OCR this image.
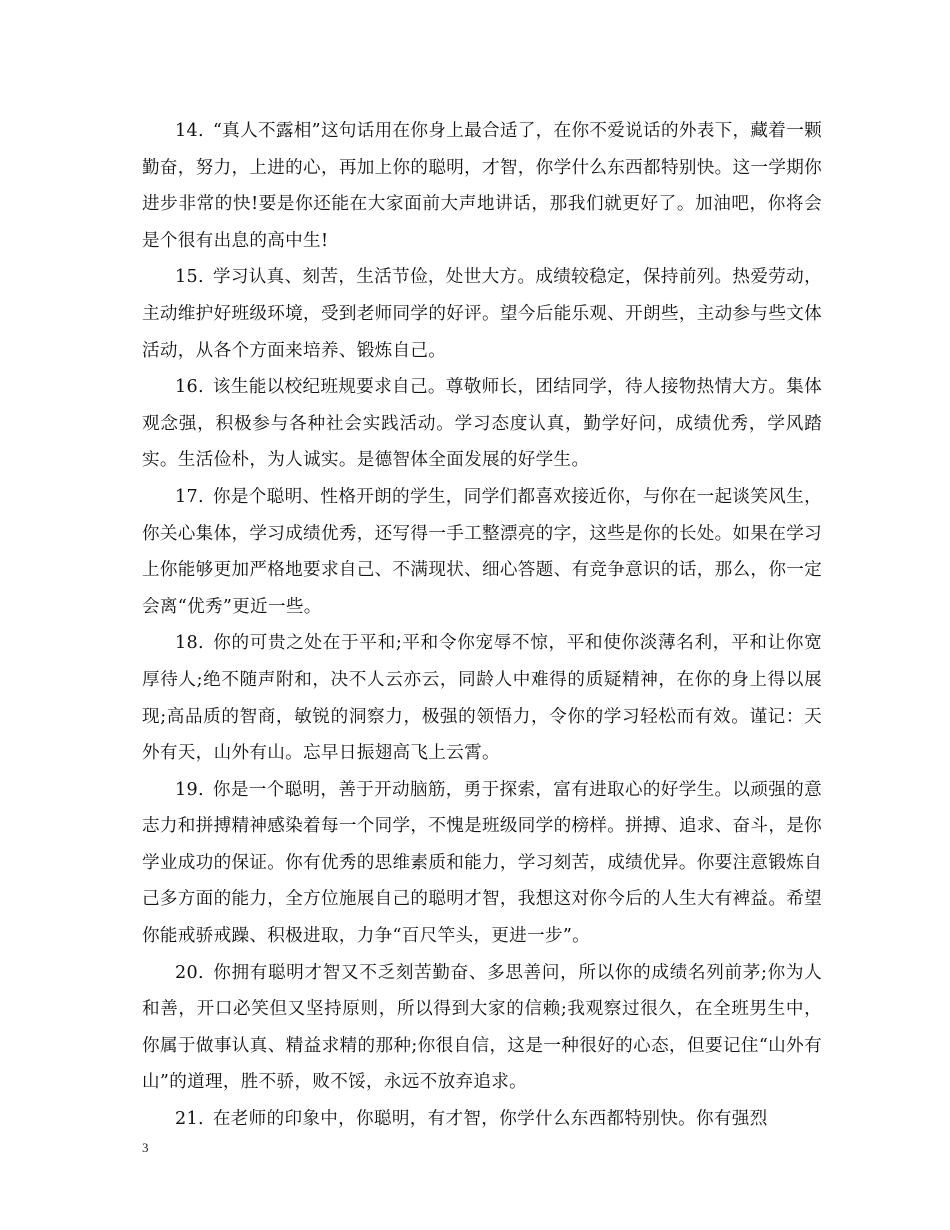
14. “真人不露相”这句话用在你身上最合适了，在你不爱说话的外表下，藏着一颗勤奋，努力，上进的心，再加上你的聪明，才智，你学什么东西都特别快。这一学期你进步非常的快!要是你还能在大家面前大声地讲话，那我们就更好了。加油吧，你将会是个很有出息的高中生!

15. 学习认真、刻苦，生活节俭，处世大方。成绩较稳定，保持前列。热爱劳动，主动维护好班级环境，受到老师同学的好评。望今后能乐观、开朗些，主动参与些文体活动，从各个方面来培养、锻炼自己。

16. 该生能以校纪班规要求自己。尊敬师长，团结同学，待人接物热情大方。集体观念强，积极参与各种社会实践活动。学习态度认真，勤学好问，成绩优秀，学风踏实。生活俭朴，为人诚实。是德智体全面发展的好学生。

17. 你是个聪明、性格开朗的学生，同学们都喜欢接近你，与你在一起谈笑风生，你关心集体，学习成绩优秀，还写得一手工整漂亮的字，这些是你的长处。如果在学习上你能够更加严格地要求自己、不满现状、细心答题、有竞争意识的话，那么，你一定会离“优秀”更近一些。

18. 你的可贵之处在于平和;平和令你宠辱不惊，平和使你淡薄名利，平和让你宽厚待人;绝不随声附和，决不人云亦云，同龄人中难得的质疑精神，在你的身上得以展现;高品质的智商，敏锐的洞察力，极强的领悟力，令你的学习轻松而有效。谨记：天外有天，山外有山。忘早日振翅高飞上云霄。

19. 你是一个聪明，善于开动脑筋，勇于探索，富有进取心的好学生。以顽强的意志力和拼搏精神感染着每一个同学，不愧是班级同学的榜样。拼搏、追求、奋斗，是你学业成功的保证。你有优秀的思维素质和能力，学习刻苦，成绩优异。你要注意锻炼自己多方面的能力，全方位施展自己的聪明才智，我想这对你今后的人生大有裨益。希望你能戒骄戒躁、积极进取，力争“百尺竿头，更进一步”。

20. 你拥有聪明才智又不乏刻苦勤奋、多思善问，所以你的成绩名列前茅;你为人和善，开口必笑但又坚持原则，所以得到大家的信赖;我观察过很久，在全班男生中，你属于做事认真、精益求精的那种;你很自信，这是一种很好的心态，但要记住“山外有山”的道理，胜不骄，败不馁，永远不放弃追求。

21. 在老师的印象中，你聪明，有才智，你学什么东西都特别快。你有强烈

3
